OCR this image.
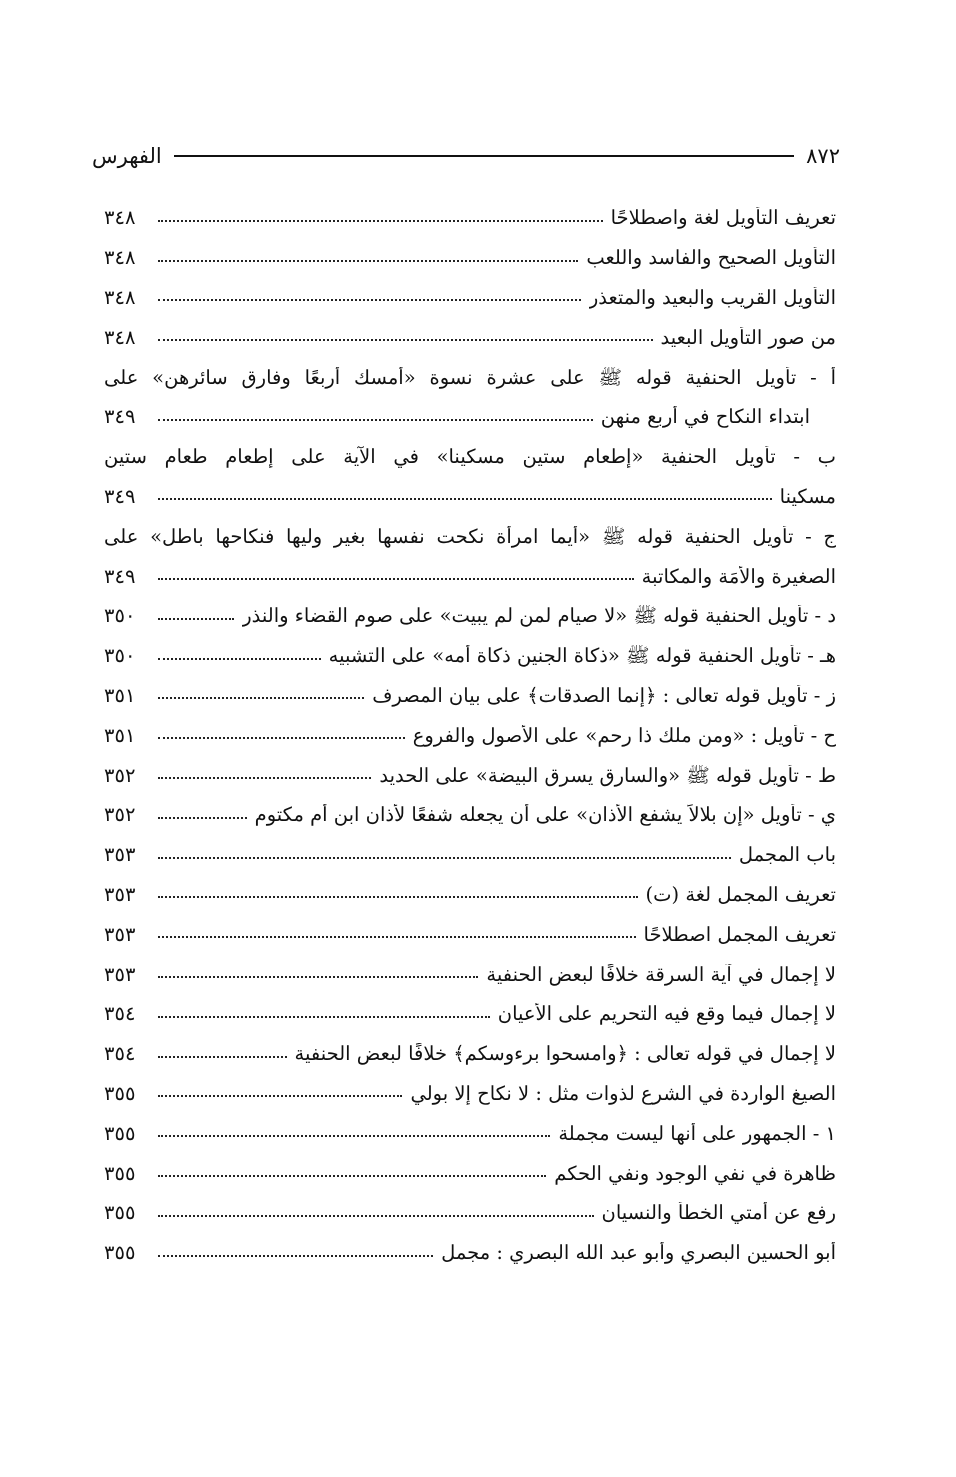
٨٧٢
الفهرس
تعريف التأويل لغة واصطلاحًا
٣٤٨
التأويل الصحيح والفاسد واللعب
٣٤٨
التأويل القريب والبعيد والمتعذر
٣٤٨
من صور التأويل البعيد
٣٤٨
أ - تأويل الحنفية قوله ﷺ على عشرة نسوة «أمسك أربعًا وفارق سائرهن» على
ابتداء النكاح في أربع منهن
٣٤٩
ب - تأويل الحنفية «إطعام ستين مسكينا» في الآية على إطعام طعام ستين
مسكينا
٣٤٩
ج - تأويل الحنفية قوله ﷺ «أيما امرأة نكحت نفسها بغير وليها فنكاحها باطل» على
الصغيرة والأمَة والمكاتبة
٣٤٩
د - تأويل الحنفية قوله ﷺ «لا صيام لمن لم يبيت» على صوم القضاء والنذر
٣٥٠
هـ - تأويل الحنفية قوله ﷺ «ذكاة الجنين ذكاة أمه» على التشبيه
٣٥٠
ز - تأويل قوله تعالى : ﴿إنما الصدقات﴾ على بيان المصرف
٣٥١
ح - تأويل : «ومن ملك ذا رحم» على الأصول والفروع
٣٥١
ط - تأويل قوله ﷺ «والسارق يسرق البيضة» على الحديد
٣٥٢
ي - تأويل «إن بلالاً يشفع الأذان» على أن يجعله شفعًا لأذان ابن أم مكتوم
٣٥٢
باب المجمل
٣٥٣
تعريف المجمل لغة (ت)
٣٥٣
تعريف المجمل اصطلاحًا
٣٥٣
لا إجمال في آية السرقة خلافًا لبعض الحنفية
٣٥٣
لا إجمال فيما وقع فيه التحريم على الأعيان
٣٥٤
لا إجمال في قوله تعالى : ﴿وامسحوا برءوسكم﴾ خلافًا لبعض الحنفية
٣٥٤
الصيغ الواردة في الشرع لذوات مثل : لا نكاح إلا بولي
٣٥٥
١ - الجمهور على أنها ليست مجملة
٣٥٥
ظاهرة في نفي الوجود ونفي الحكم
٣٥٥
رفع عن أمتي الخطأ والنسيان
٣٥٥
أبو الحسين البصري وأبو عبد الله البصري : مجمل
٣٥٥
